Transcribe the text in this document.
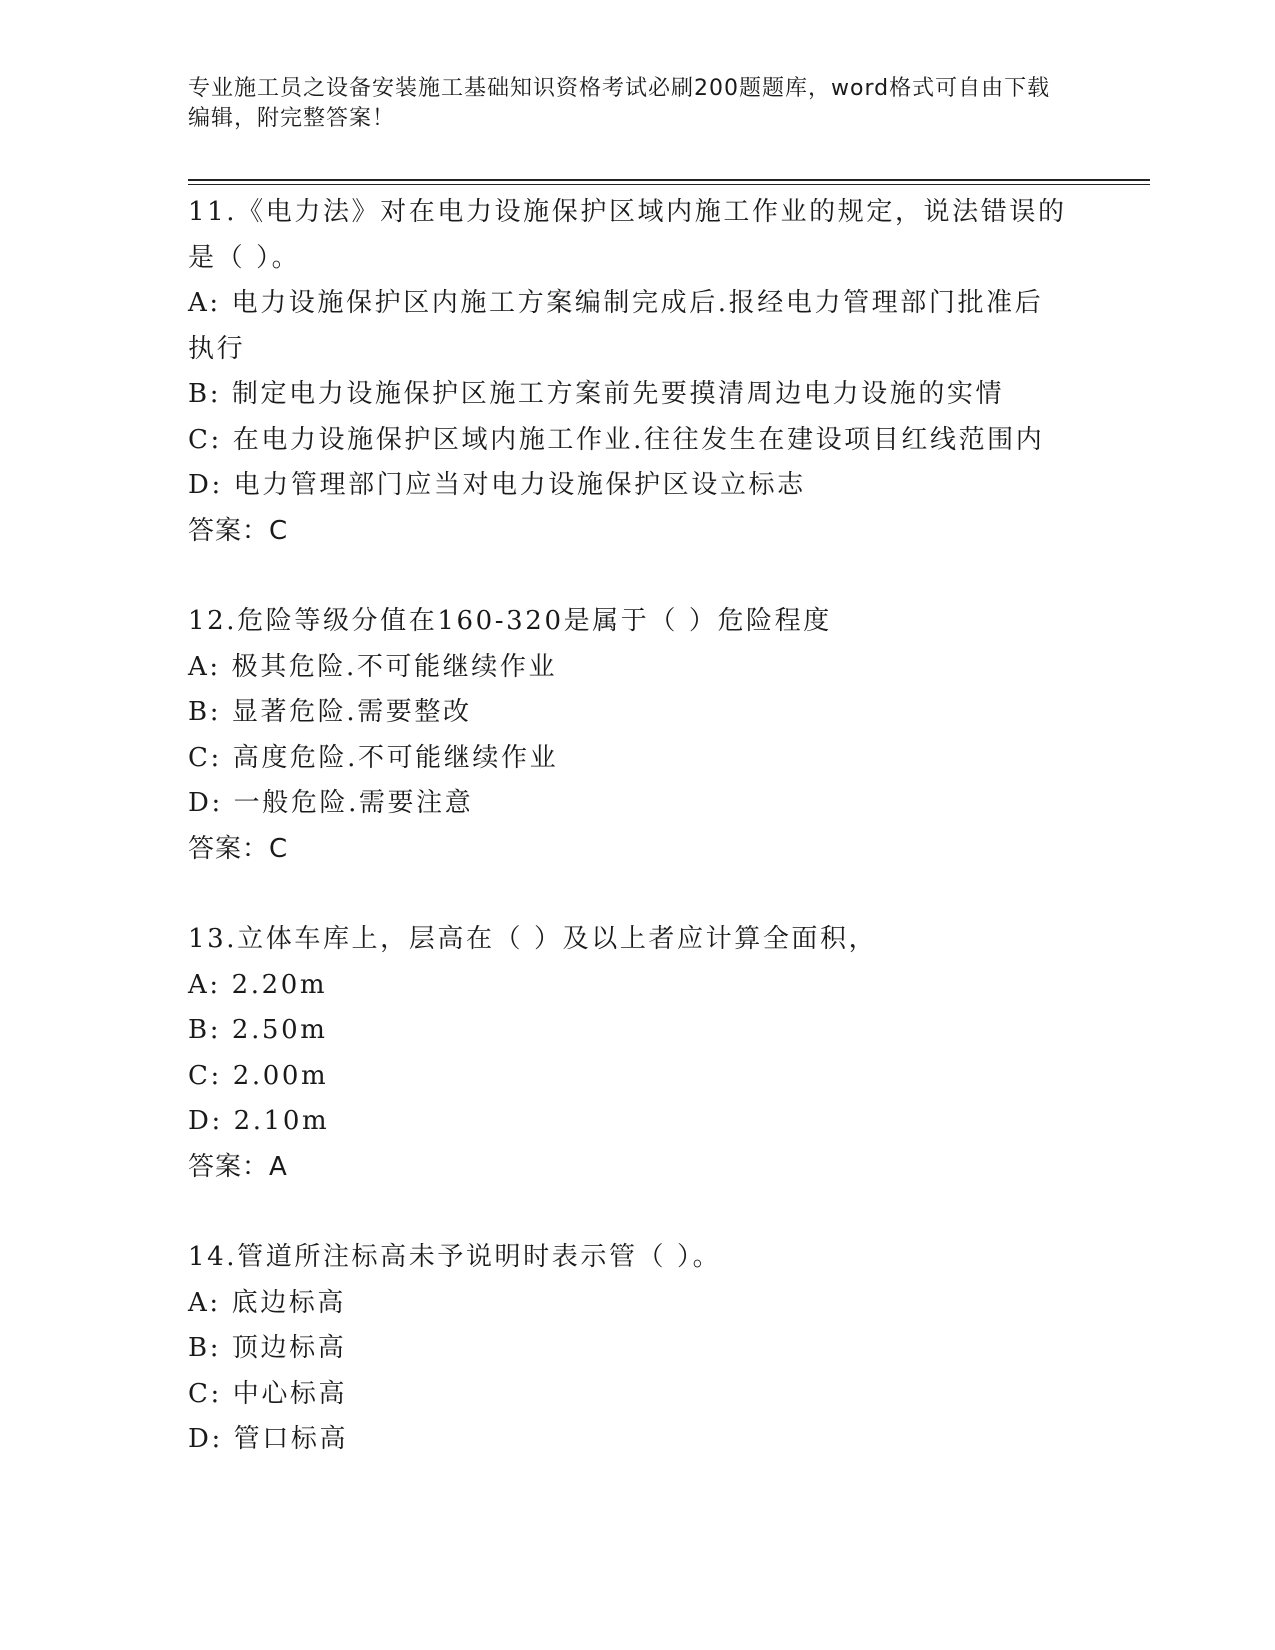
专业施工员之设备安装施工基础知识资格考试必刷200题题库，word格式可自由下载编辑，附完整答案！
11.《电力法》对在电力设施保护区域内施工作业的规定，说法错误的是（ ）。
A: 电力设施保护区内施工方案编制完成后.报经电力管理部门批准后执行
B: 制定电力设施保护区施工方案前先要摸清周边电力设施的实情
C: 在电力设施保护区域内施工作业.往往发生在建设项目红线范围内
D: 电力管理部门应当对电力设施保护区设立标志
答案：C
12.危险等级分值在160-320是属于（ ）危险程度
A: 极其危险.不可能继续作业
B: 显著危险.需要整改
C: 高度危险.不可能继续作业
D: 一般危险.需要注意
答案：C
13.立体车库上，层高在（ ）及以上者应计算全面积，
A: 2.20m
B: 2.50m
C: 2.00m
D: 2.10m
答案：A
14.管道所注标高未予说明时表示管（ ）。
A: 底边标高
B: 顶边标高
C: 中心标高
D: 管口标高
